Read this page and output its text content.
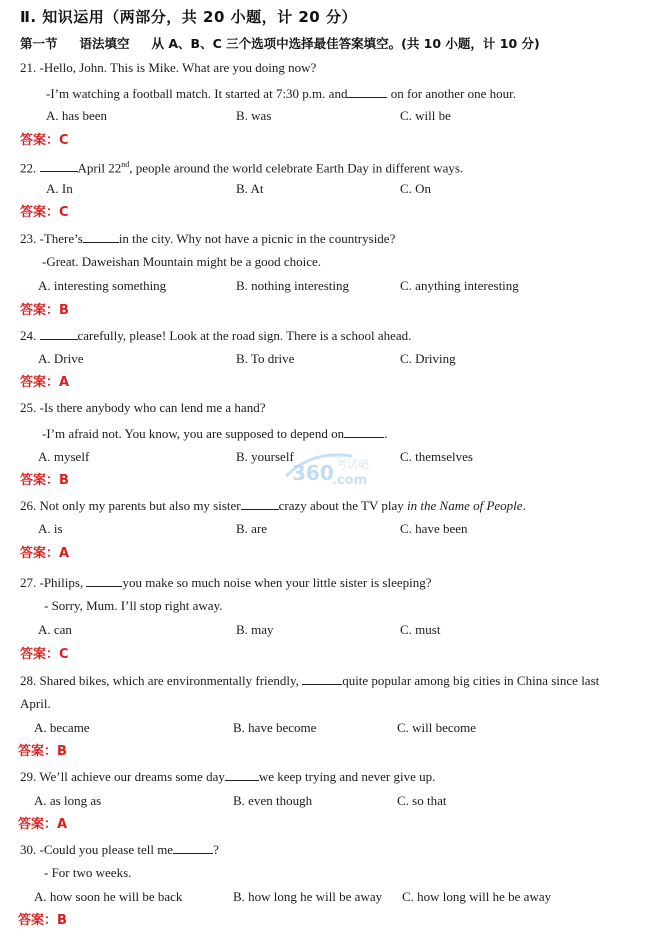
Ⅱ. 知识运用（两部分，共 20 小题，计 20 分）
第一节 语法填空 从 A、B、C 三个选项中选择最佳答案填空。(共 10 小题，计 10 分)
21. -Hello, John. This is Mike. What are you doing now?
-I’m watching a football match. It started at 7:30 p.m. and	on for another one hour.
A. has been	B. was	C. will be
答案：C
22.	April 22nd, people around the world celebrate Earth Day in different ways.
A. In	B. At	C. On
答案：C
23. -There’s	in the city. Why not have a picnic in the countryside?
-Great. Daweishan Mountain might be a good choice.
A. interesting something	B. nothing interesting	C. anything interesting
答案：B
24.	carefully, please! Look at the road sign. There is a school ahead.
A. Drive	B. To drive	C. Driving
答案：A
25. -Is there anybody who can lend me a hand?
-I’m afraid not. You know, you are supposed to depend on	.
A. myself	B. yourself	C. themselves
答案：B
26. Not only my parents but also my sister	crazy about the TV play in the Name of People.
A. is	B. are	C. have been
答案：A
27. -Philips,	you make so much noise when your little sister is sleeping?
- Sorry, Mum. I’ll stop right away.
A. can	B. may	C. must
答案：C
28. Shared bikes, which are environmentally friendly,	quite popular among big cities in China since last
April.
A. became	B. have become	C. will become
答案：B
29. We’ll achieve our dreams some day	we keep trying and never give up.
A. as long as	B. even though	C. so that
答案：A
30. -Could you please tell me	?
- For two weeks.
A. how soon he will be back	B. how long he will be away C. how long will he be away
答案：B
360 考试吧
.com
